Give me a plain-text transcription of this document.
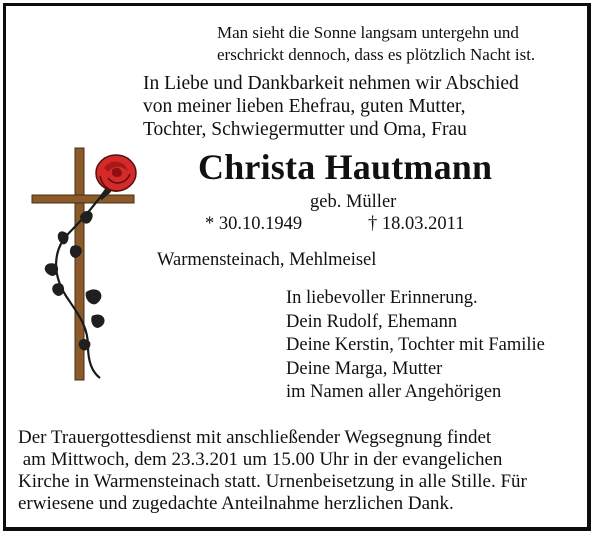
Man sieht die Sonne langsam untergehn und
erschrickt dennoch, dass es plötzlich Nacht ist.
In Liebe und Dankbarkeit nehmen wir Abschied
von meiner lieben Ehefrau, guten Mutter,
Tochter, Schwiegermutter und Oma, Frau
Christa Hautmann
geb. Müller
* 30.10.1949	† 18.03.2011
Warmensteinach, Mehlmeisel
In liebevoller Erinnerung.
Dein Rudolf, Ehemann
Deine Kerstin, Tochter mit Familie
Deine Marga, Mutter
im Namen aller Angehörigen
Der Trauergottesdienst mit anschließender Wegsegnung findet
am Mittwoch, dem 23.3.201 um 15.00 Uhr in der evangelichen
Kirche in Warmensteinach statt. Urnenbeisetzung in alle Stille. Für
erwiesene und zugedachte Anteilnahme herzlichen Dank.
